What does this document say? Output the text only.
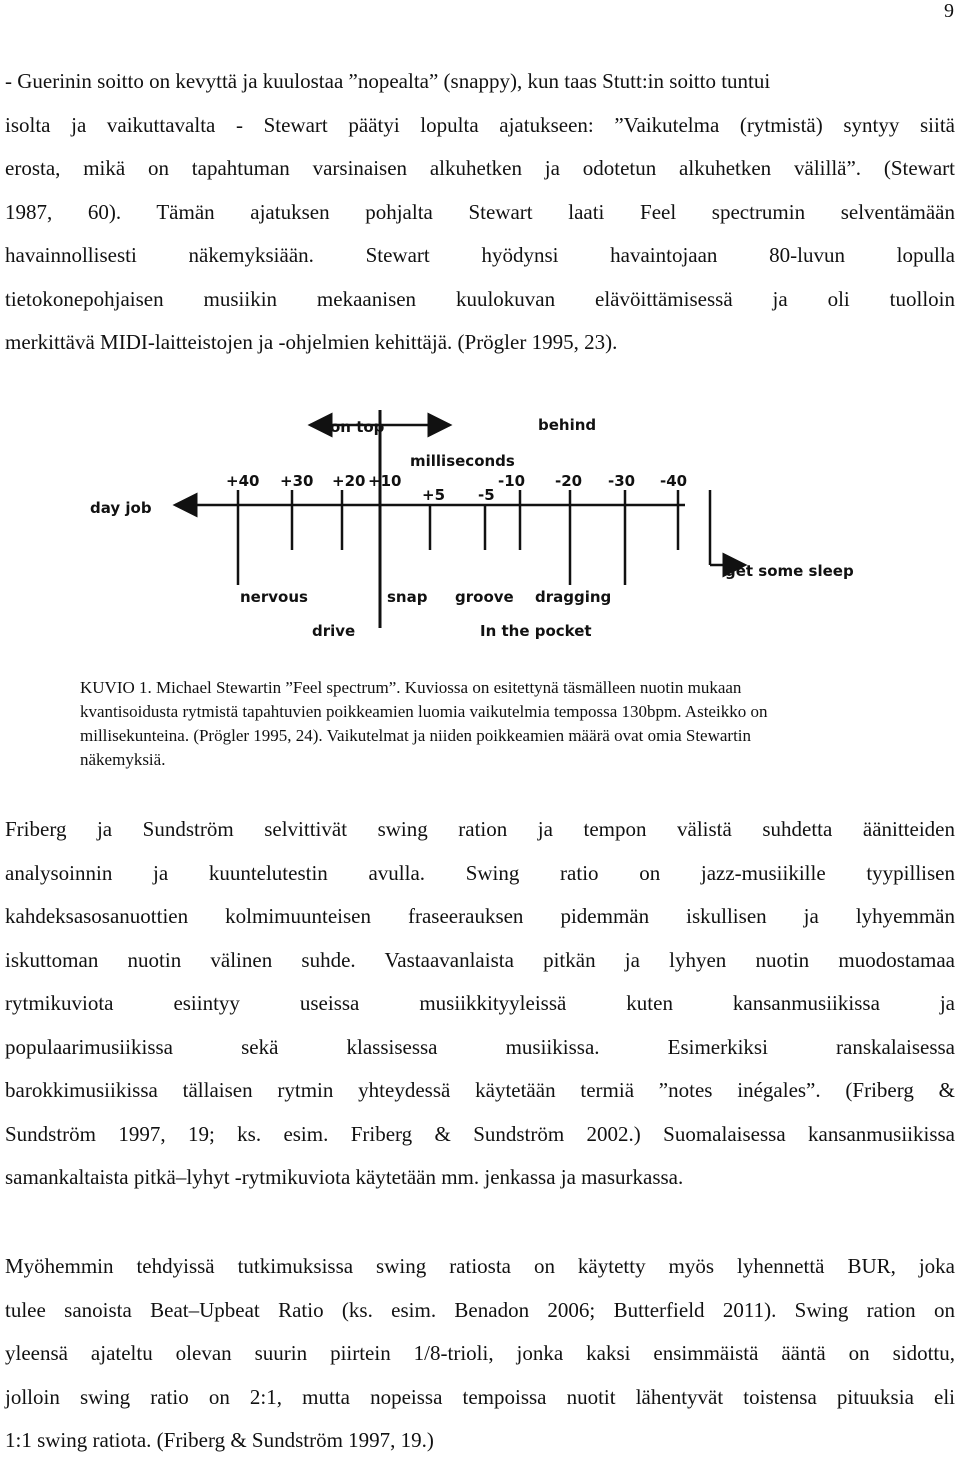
9

- Guerinin soitto on kevyttä ja kuulostaa ”nopealta” (snappy), kun taas Stutt:in soitto tuntui
isolta ja vaikuttavalta - Stewart päätyi lopulta ajatukseen: ”Vaikutelma (rytmistä) syntyy siitä
erosta, mikä on tapahtuman varsinaisen alkuhetken ja odotetun alkuhetken välillä”. (Stewart
1987, 60). Tämän ajatuksen pohjalta Stewart laati Feel spectrumin selventämään
havainnollisesti näkemyksiään. Stewart hyödynsi havaintojaan 80-luvun lopulla
tietokonepohjaisen musiikin mekaanisen kuulokuvan elävöittämisessä ja oli tuolloin
merkittävä MIDI-laitteistojen ja -ohjelmien kehittäjä. (Prögler 1995, 23).

on top	behind
milliseconds
day job
+40 +30 +20 +10	-10 -20 -30 -40
+5 -5
get some sleep
nervous	snap groove dragging
drive	In the pocket

KUVIO 1. Michael Stewartin ”Feel spectrum”. Kuviossa on esitettynä täsmälleen nuotin mukaan
kvantisoidusta rytmistä tapahtuvien poikkeamien luomia vaikutelmia tempossa 130bpm. Asteikko on
millisekunteina. (Prögler 1995, 24). Vaikutelmat ja niiden poikkeamien määrä ovat omia Stewartin
näkemyksiä.

Friberg ja Sundström selvittivät swing ration ja tempon välistä suhdetta äänitteiden
analysoinnin ja kuuntelutestin avulla. Swing ratio on jazz-musiikille tyypillisen
kahdeksasosanuottien kolmimuunteisen fraseerauksen pidemmän iskullisen ja lyhyemmän
iskuttoman nuotin välinen suhde. Vastaavanlaista pitkän ja lyhyen nuotin muodostamaa
rytmikuviota esiintyy useissa musiikkityyleissä kuten kansanmusiikissa ja
populaarimusiikissa sekä klassisessa musiikissa. Esimerkiksi ranskalaisessa
barokkimusiikissa tällaisen rytmin yhteydessä käytetään termiä ”notes inégales”. (Friberg &
Sundström 1997, 19; ks. esim. Friberg & Sundström 2002.) Suomalaisessa kansanmusiikissa
samankaltaista pitkä–lyhyt -rytmikuviota käytetään mm. jenkassa ja masurkassa.

Myöhemmin tehdyissä tutkimuksissa swing ratiosta on käytetty myös lyhennettä BUR, joka
tulee sanoista Beat–Upbeat Ratio (ks. esim. Benadon 2006; Butterfield 2011). Swing ration on
yleensä ajateltu olevan suurin piirtein 1/8-trioli, jonka kaksi ensimmäistä ääntä on sidottu,
jolloin swing ratio on 2:1, mutta nopeissa tempoissa nuotit lähentyvät toistensa pituuksia eli
1:1 swing ratiota. (Friberg & Sundström 1997, 19.)
